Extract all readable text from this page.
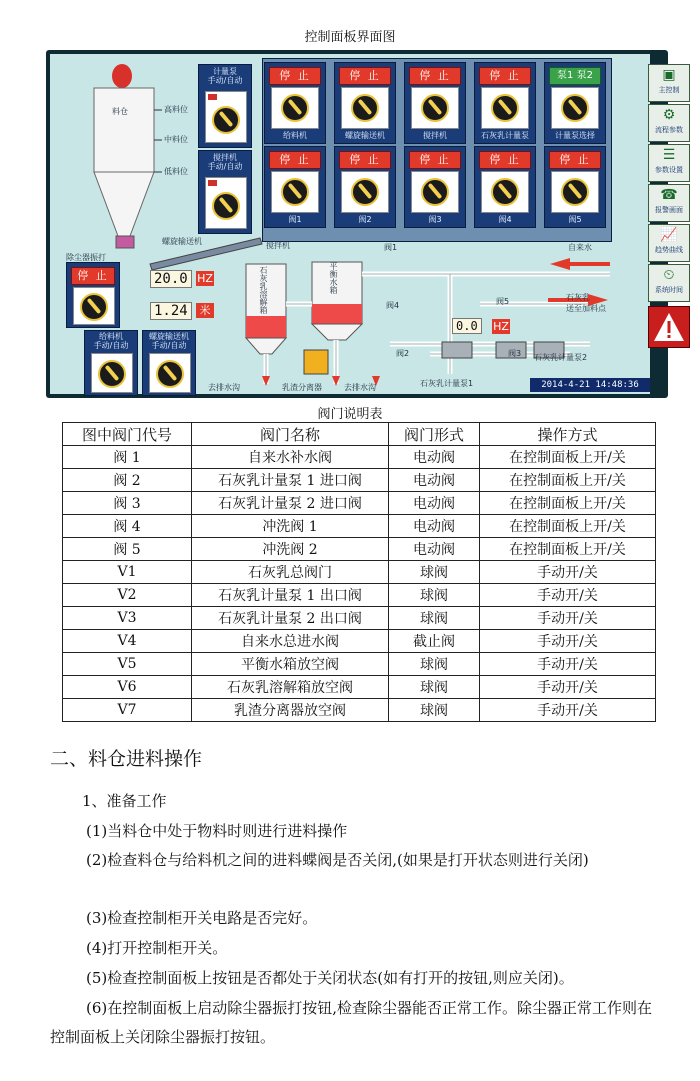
控制面板界面图
料仓	高料位
中料位
低料位
计量泵
手动/自动
搅拌机
手动/自动
▣
主控制
⚙
流程参数
☰
参数设置
☎
报警画面
📈
趋势曲线
⏲
系统时间
停 止
给料机
停 止
螺旋输送机
停 止
搅拌机
停 止
石灰乳计量泵
泵1 泵2
计量泵选择
停 止
阀1
停 止
阀2
停 止
阀3
停 止
阀4
停 止
阀5
除尘器振打
停 止	20.0 HZ
1.24	米
给料机
手动/自动
螺旋输送机
手动/自动
螺旋输送机	搅拌机
石灰乳溶解箱	平衡水箱
自来水
石灰乳
送至加料点
0.0	HZ
阀1
阀2	阀3
阀4	阀5
石灰乳计量泵1
石灰乳计量泵2
去排水沟	乳渣分离器	去排水沟	2014-4-21 14:48:36
阀门说明表
图中阀门代号	阀门名称	阀门形式	操作方式
阀 1	自来水补水阀	电动阀	在控制面板上开/关
阀 2	石灰乳计量泵 1 进口阀	电动阀	在控制面板上开/关
阀 3	石灰乳计量泵 2 进口阀	电动阀	在控制面板上开/关
阀 4	冲洗阀 1	电动阀	在控制面板上开/关
阀 5	冲洗阀 2	电动阀	在控制面板上开/关
V1	石灰乳总阀门	球阀	手动开/关
V2	石灰乳计量泵 1 出口阀	球阀	手动开/关
V3	石灰乳计量泵 2 出口阀	球阀	手动开/关
V4	自来水总进水阀	截止阀	手动开/关
V5	平衡水箱放空阀	球阀	手动开/关
V6	石灰乳溶解箱放空阀	球阀	手动开/关
V7	乳渣分离器放空阀	球阀	手动开/关
二、料仓进料操作
1、准备工作
(1)当料仓中处于物料时则进行进料操作
(2)检查料仓与给料机之间的进料蝶阀是否关闭,(如果是打开状态则进行关闭)
(3)检查控制柜开关电路是否完好。
(4)打开控制柜开关。
(5)检查控制面板上按钮是否都处于关闭状态(如有打开的按钮,则应关闭)。
(6)在控制面板上启动除尘器振打按钮,检查除尘器能否正常工作。除尘器正常工作则在控制面板上关闭除尘器振打按钮。
